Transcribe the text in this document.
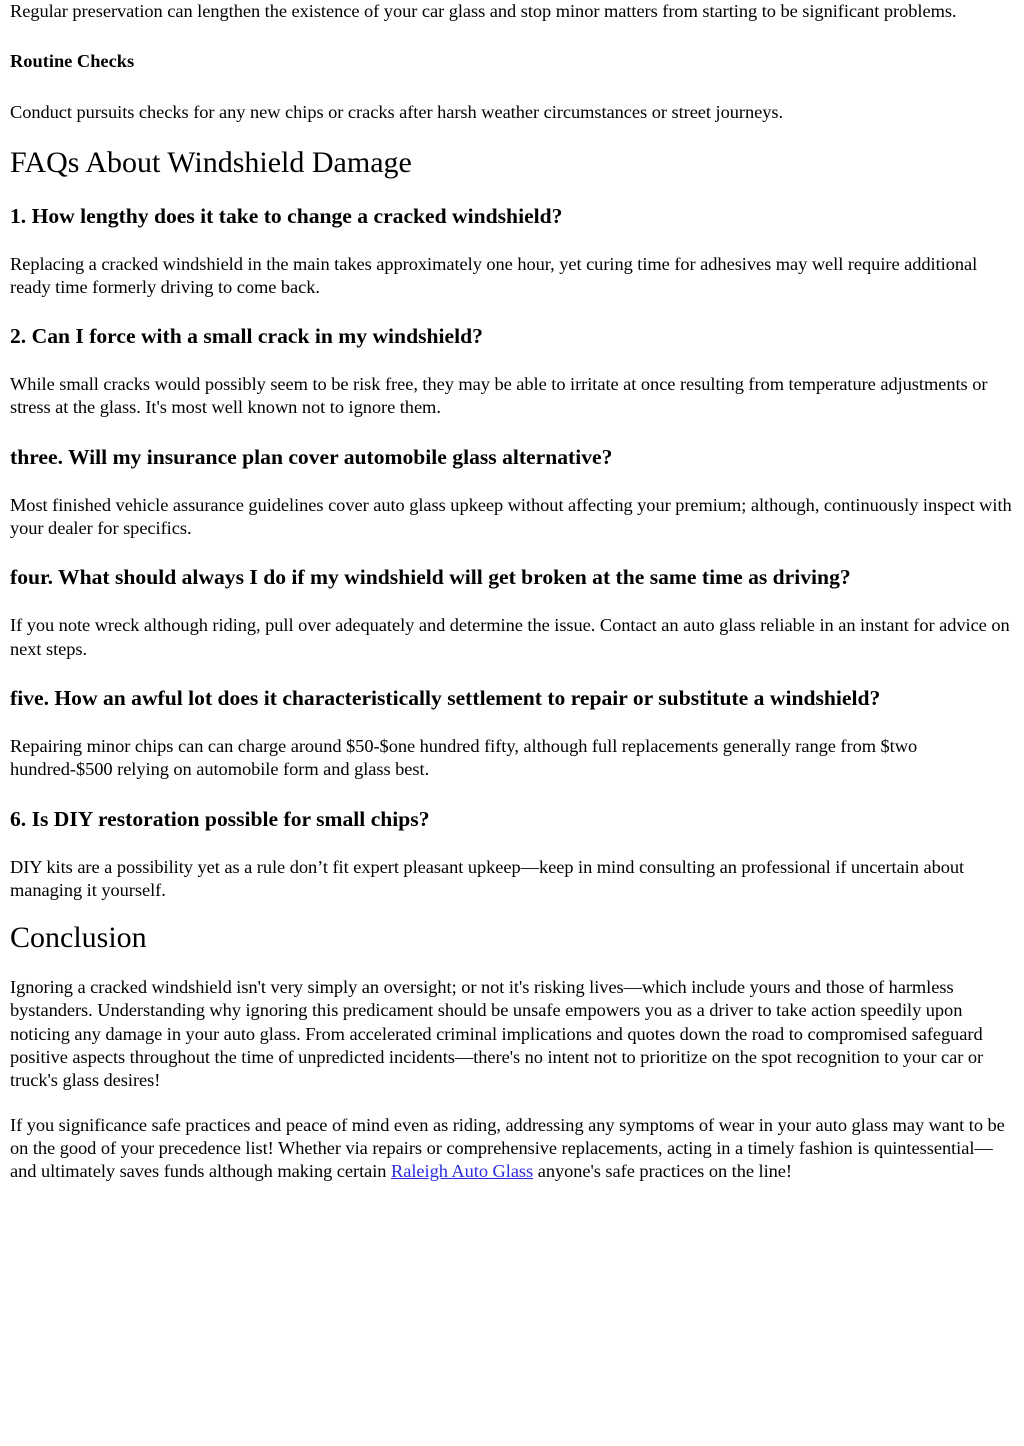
Regular preservation can lengthen the existence of your car glass and stop minor matters from starting to be significant problems.

Routine Checks

Conduct pursuits checks for any new chips or cracks after harsh weather circumstances or street journeys.

FAQs About Windshield Damage
1. How lengthy does it take to change a cracked windshield?

Replacing a cracked windshield in the main takes approximately one hour, yet curing time for adhesives may well require additional ready time formerly driving to come back.

2. Can I force with a small crack in my windshield?

While small cracks would possibly seem to be risk free, they may be able to irritate at once resulting from temperature adjustments or stress at the glass. It's most well known not to ignore them.

three. Will my insurance plan cover automobile glass alternative?

Most finished vehicle assurance guidelines cover auto glass upkeep without affecting your premium; although, continuously inspect with your dealer for specifics.

four. What should always I do if my windshield will get broken at the same time as driving?

If you note wreck although riding, pull over adequately and determine the issue. Contact an auto glass reliable in an instant for advice on next steps.

five. How an awful lot does it characteristically settlement to repair or substitute a windshield?

Repairing minor chips can can charge around $50-$one hundred fifty, although full replacements generally range from $two hundred-$500 relying on automobile form and glass best.

6. Is DIY restoration possible for small chips?

DIY kits are a possibility yet as a rule don’t fit expert pleasant upkeep—keep in mind consulting an professional if uncertain about managing it yourself.

Conclusion

Ignoring a cracked windshield isn't very simply an oversight; or not it's risking lives—which include yours and those of harmless bystanders. Understanding why ignoring this predicament should be unsafe empowers you as a driver to take action speedily upon noticing any damage in your auto glass. From accelerated criminal implications and quotes down the road to compromised safeguard positive aspects throughout the time of unpredicted incidents—there's no intent not to prioritize on the spot recognition to your car or truck's glass desires!

If you significance safe practices and peace of mind even as riding, addressing any symptoms of wear in your auto glass may want to be on the good of your precedence list! Whether via repairs or comprehensive replacements, acting in a timely fashion is quintessential—and ultimately saves funds although making certain Raleigh Auto Glass anyone's safe practices on the line!
